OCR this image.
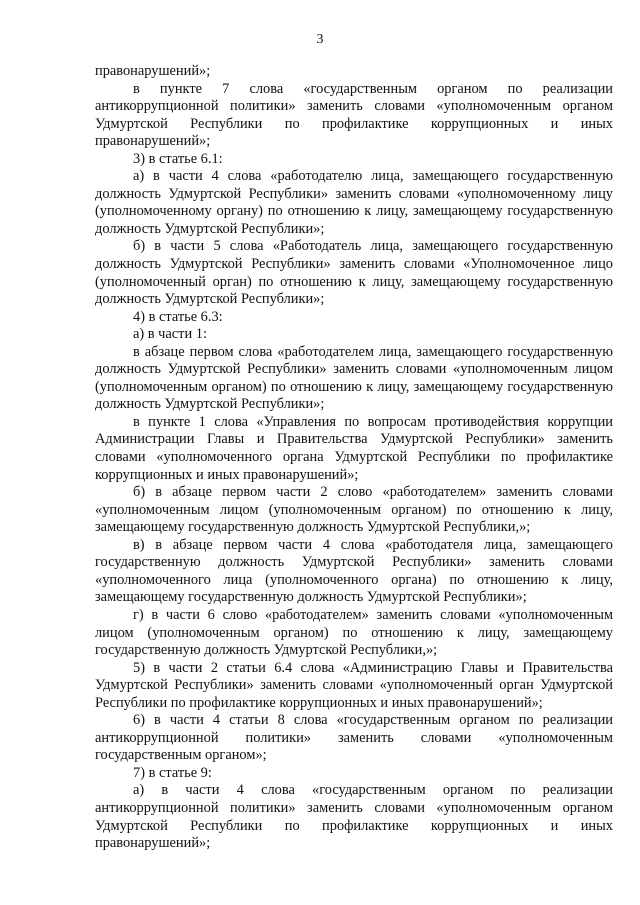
3

правонарушений»;

в пункте 7 слова «государственным органом по реализации антикоррупционной политики» заменить словами «уполномоченным органом Удмуртской Республики по профилактике коррупционных и иных правонарушений»;

3) в статье 6.1:

а) в части 4 слова «работодателю лица, замещающего государственную должность Удмуртской Республики» заменить словами «уполномоченному лицу (уполномоченному органу) по отношению к лицу, замещающему государственную должность Удмуртской Республики»;

б) в части 5 слова «Работодатель лица, замещающего государственную должность Удмуртской Республики» заменить словами «Уполномоченное лицо (уполномоченный орган) по отношению к лицу, замещающему государственную должность Удмуртской Республики»;

4) в статье 6.3:

а) в части 1:

в абзаце первом слова «работодателем лица, замещающего государственную должность Удмуртской Республики» заменить словами «уполномоченным лицом (уполномоченным органом) по отношению к лицу, замещающему государственную должность Удмуртской Республики»;

в пункте 1 слова «Управления по вопросам противодействия коррупции Администрации Главы и Правительства Удмуртской Республики» заменить словами «уполномоченного органа Удмуртской Республики по профилактике коррупционных и иных правонарушений»;

б) в абзаце первом части 2 слово «работодателем» заменить словами «уполномоченным лицом (уполномоченным органом) по отношению к лицу, замещающему государственную должность Удмуртской Республики,»;

в) в абзаце первом части 4 слова «работодателя лица, замещающего государственную должность Удмуртской Республики» заменить словами «уполномоченного лица (уполномоченного органа) по отношению к лицу, замещающему государственную должность Удмуртской Республики»;

г) в части 6 слово «работодателем» заменить словами «уполномоченным лицом (уполномоченным органом) по отношению к лицу, замещающему государственную должность Удмуртской Республики,»;

5) в части 2 статьи 6.4 слова «Администрацию Главы и Правительства Удмуртской Республики» заменить словами «уполномоченный орган Удмуртской Республики по профилактике коррупционных и иных правонарушений»;

6) в части 4 статьи 8 слова «государственным органом по реализации антикоррупционной политики» заменить словами «уполномоченным государственным органом»;

7) в статье 9:

а) в части 4 слова «государственным органом по реализации антикоррупционной политики» заменить словами «уполномоченным органом Удмуртской Республики по профилактике коррупционных и иных правонарушений»;
